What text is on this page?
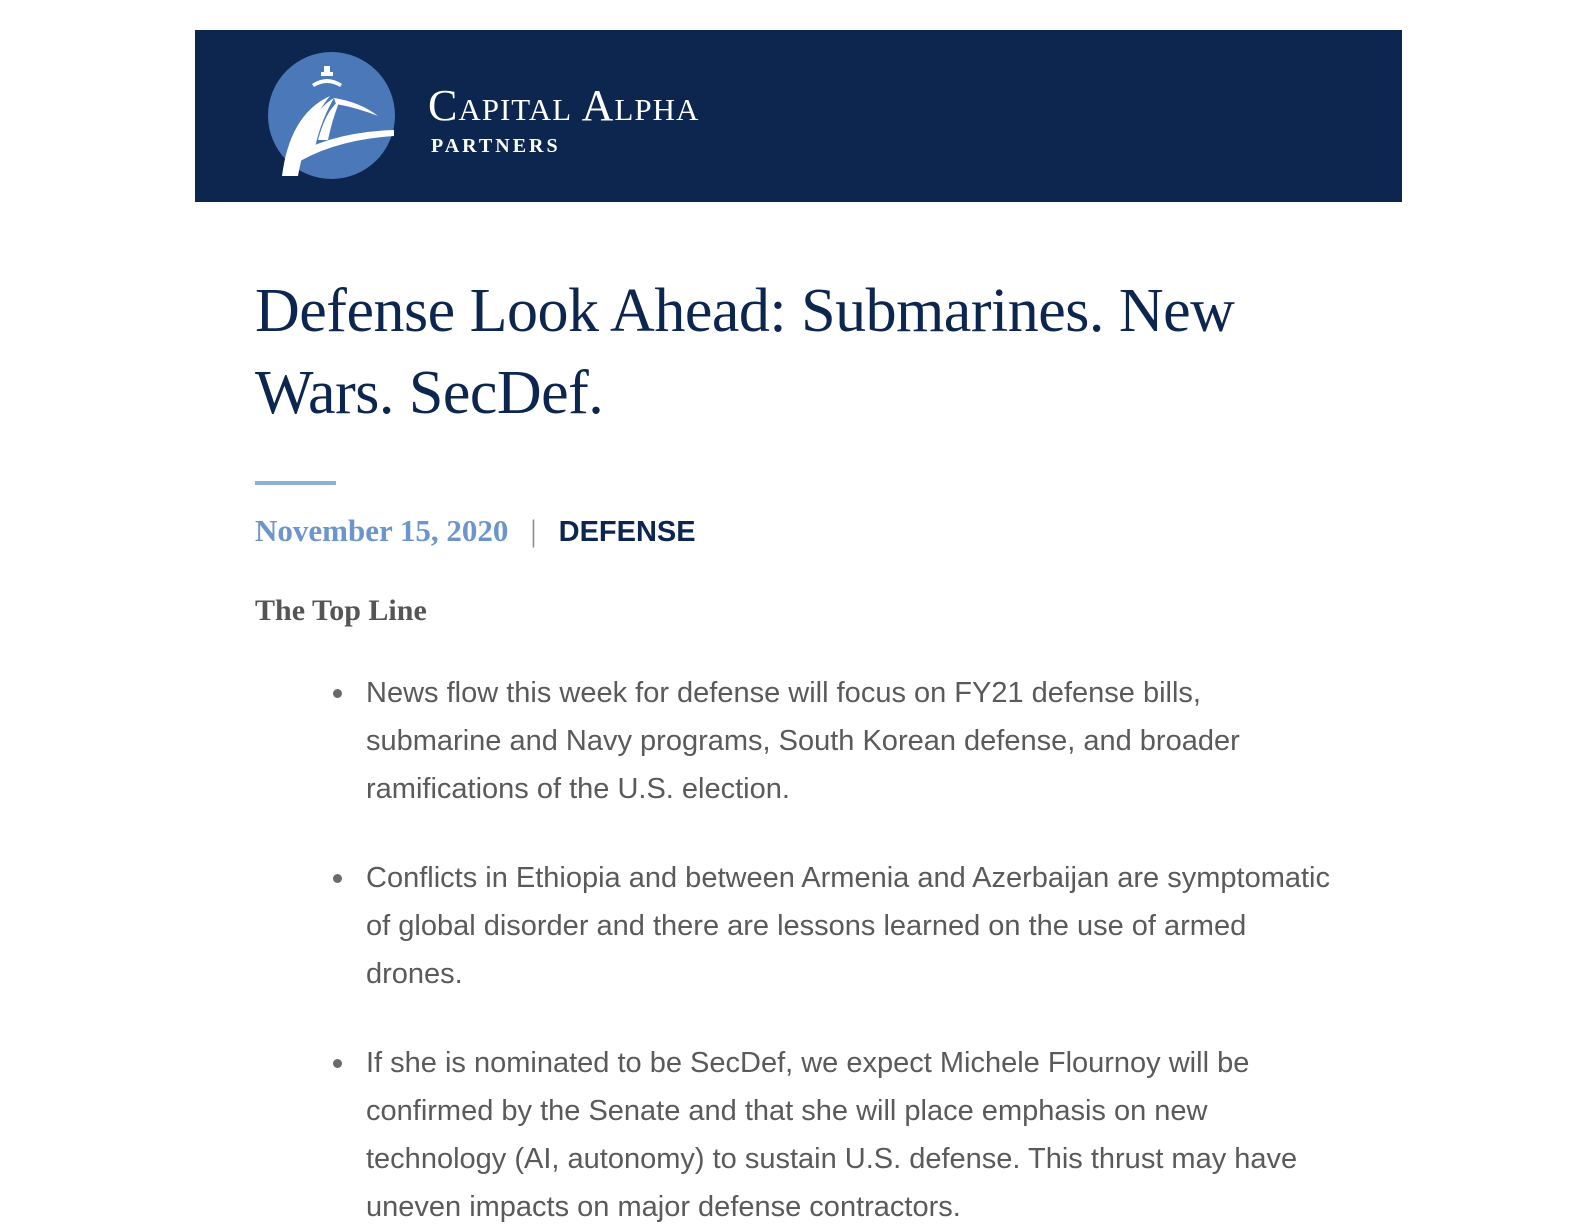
Capital Alpha
PARTNERS
Defense Look Ahead: Submarines. New Wars. SecDef.
November 15, 2020 | DEFENSE
The Top Line
News flow this week for defense will focus on FY21 defense bills, submarine and Navy programs, South Korean defense, and broader ramifications of the U.S. election.
Conflicts in Ethiopia and between Armenia and Azerbaijan are symptomatic of global disorder and there are lessons learned on the use of armed drones.
If she is nominated to be SecDef, we expect Michele Flournoy will be confirmed by the Senate and that she will place emphasis on new technology (AI, autonomy) to sustain U.S. defense. This thrust may have uneven impacts on major defense contractors.
